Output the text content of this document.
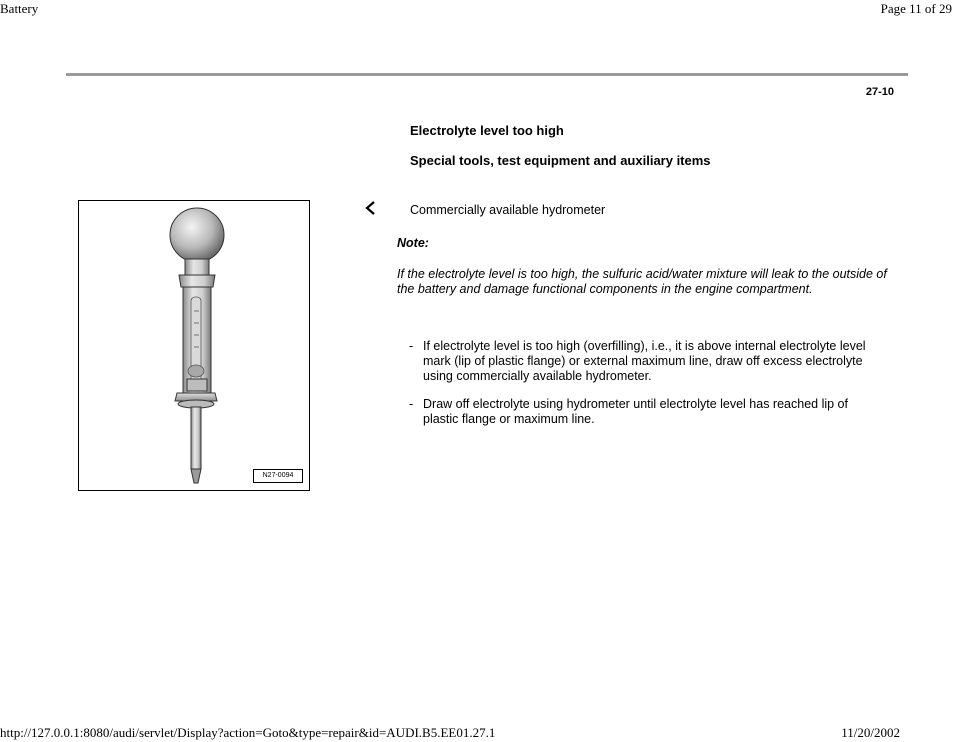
Battery	Page 11 of 29
27-10
Electrolyte level too high
Special tools, test equipment and auxiliary items
N27-0094
Commercially available hydrometer
Note:
If the electrolyte level is too high, the sulfuric acid/water mixture will leak to the outside of the battery and damage functional components in the engine compartment.
- If electrolyte level is too high (overfilling), i.e., it is above internal electrolyte level mark (lip of plastic flange) or external maximum line, draw off excess electrolyte using commercially available hydrometer.
- Draw off electrolyte using hydrometer until electrolyte level has reached lip of plastic flange or maximum line.
http://127.0.0.1:8080/audi/servlet/Display?action=Goto&type=repair&id=AUDI.B5.EE01.27.1	11/20/2002
